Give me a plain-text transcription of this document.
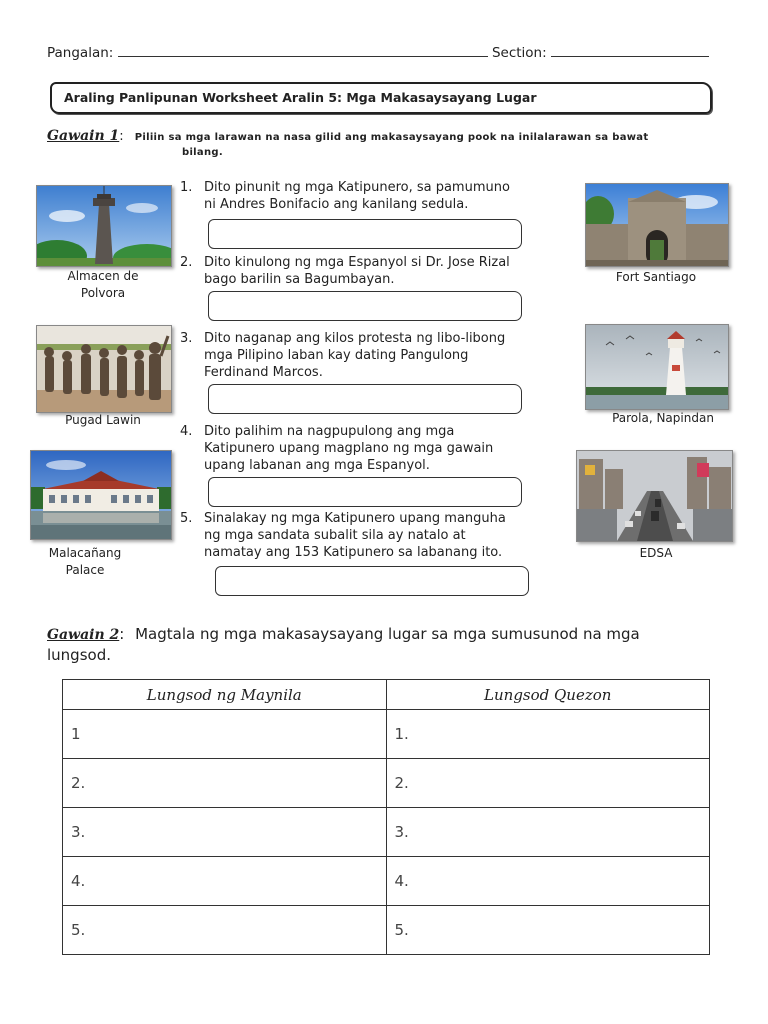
Pangalan:	Section:
Araling Panlipunan Worksheet Aralin 5: Mga Makasaysayang Lugar
Gawain 1: Piliin sa mga larawan na nasa gilid ang makasaysayang pook na inilalarawan sa bawat
bilang.
1. Dito pinunit ng mga Katipunero, sa pamumuno
ni Andres Bonifacio ang kanilang sedula.
2. Dito kinulong ng mga Espanyol si Dr. Jose Rizal
bago barilin sa Bagumbayan.
3. Dito naganap ang kilos protesta ng libo-libong
mga Pilipino laban kay dating Pangulong
Ferdinand Marcos.
4. Dito palihim na nagpupulong ang mga
Katipunero upang magplano ng mga gawain
upang labanan ang mga Espanyol.
5. Sinalakay ng mga Katipunero upang manguha
ng mga sandata subalit sila ay natalo at
namatay ang 153 Katipunero sa labanang ito.
Almacen de
Polvora
Pugad Lawin
Malacañang
Palace
Fort Santiago
Parola, Napindan
EDSA
Gawain 2: Magtala ng mga makasaysayang lugar sa mga sumusunod na mga
lungsod.
Lungsod ng Maynila	Lungsod Quezon
1	1.
2.	2.
3.	3.
4.	4.
5.	5.
